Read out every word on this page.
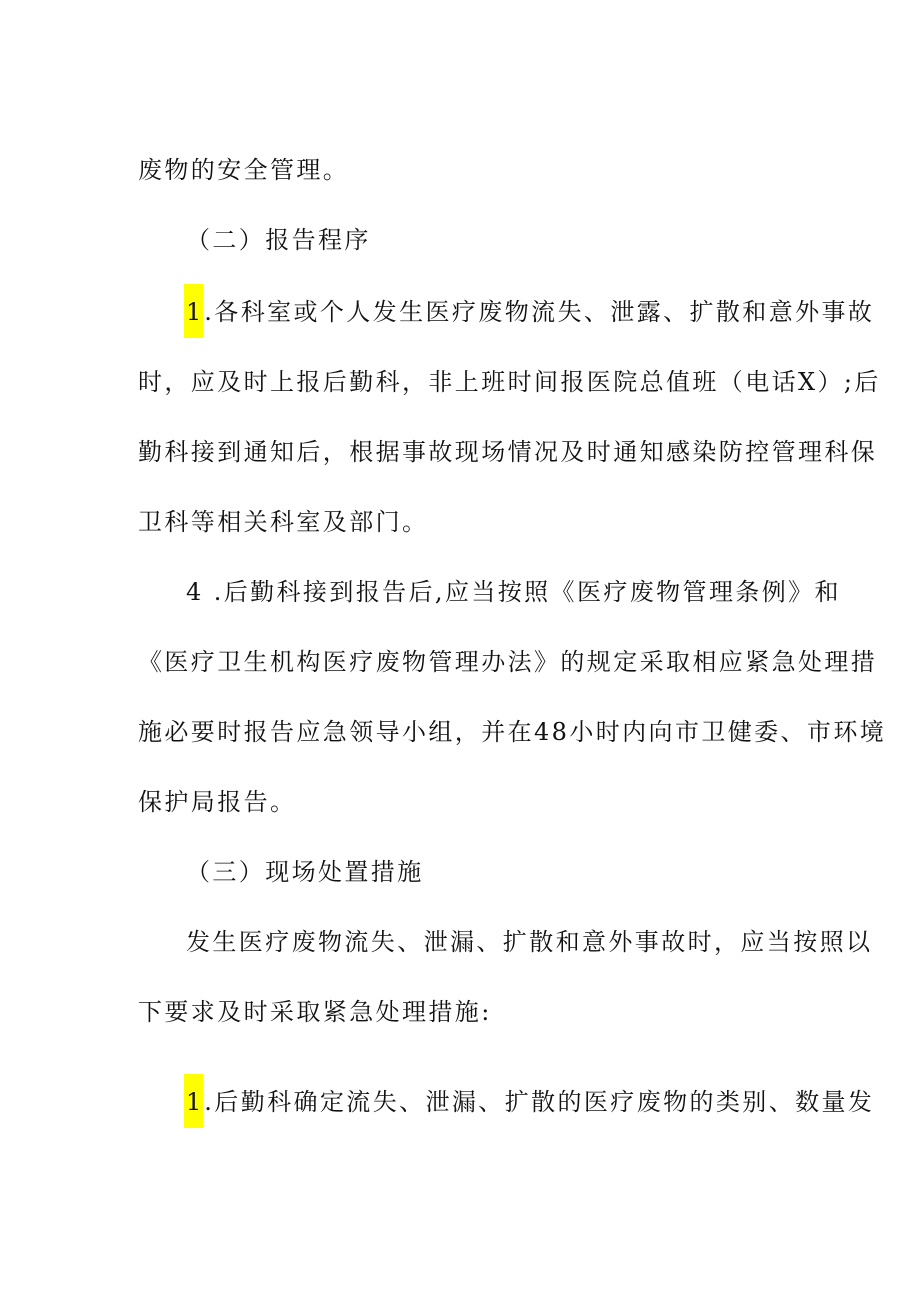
废物的安全管理。
（二）报告程序
1 .各科室或个人发生医疗废物流失、泄露、扩散和意外事故
时，应及时上报后勤科，非上班时间报医院总值班（电话X）;后
勤科接到通知后，根据事故现场情况及时通知感染防控管理科保
卫科等相关科室及部门。
4 .后勤科接到报告后,应当按照《医疗废物管理条例》和
《医疗卫生机构医疗废物管理办法》的规定采取相应紧急处理措
施必要时报告应急领导小组，并在48小时内向市卫健委、市环境
保护局报告。
（三）现场处置措施
发生医疗废物流失、泄漏、扩散和意外事故时，应当按照以
下要求及时采取紧急处理措施:
1 .后勤科确定流失、泄漏、扩散的医疗废物的类别、数量发
